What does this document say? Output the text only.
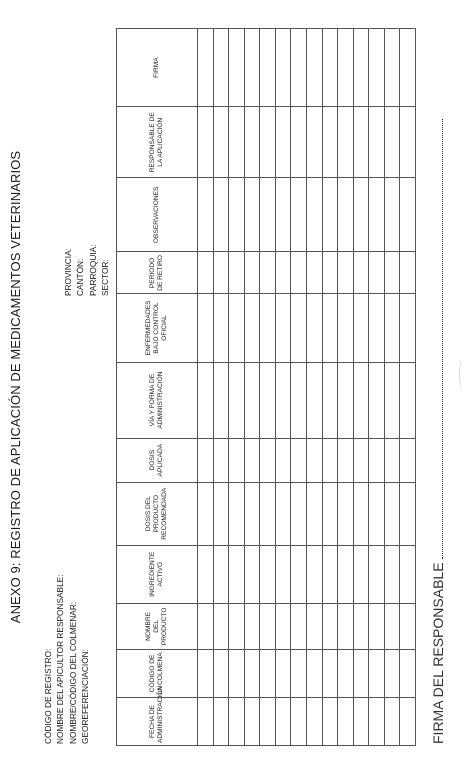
ANEXO 9: REGISTRO DE APLICACIÓN DE MEDICAMENTOS VETERINARIOS
CÓDIGO DE REGISTRO: NOMBRE DEL APICULTOR RESPONSABLE: NOMBRE/CÓDIGO DEL COLMENAR: GEOREFERENCIACIÓN:
PROVINCIA: CANTÓN: PARROQUIA: SECTOR:
FECHA DE ADMINISTRACIÓN	CÓDIGO DE LA COLMENA	NOMBRE DEL PRODUCTO	INGREDIENTE ACTIVO	DOSIS DEL PRODUCTO RECOMENDADA	DOSIS APLICADA	VÍA Y FORMA DE ADMINISTRACIÓN	ENFERMEDADES BAJO CONTROL OFICIAL	PERIODO DE RETIRO	OBSERVACIONES	RESPONSABLE DE LA APLICACIÓN	FIRMA

FIRMA DEL RESPONSABLE
